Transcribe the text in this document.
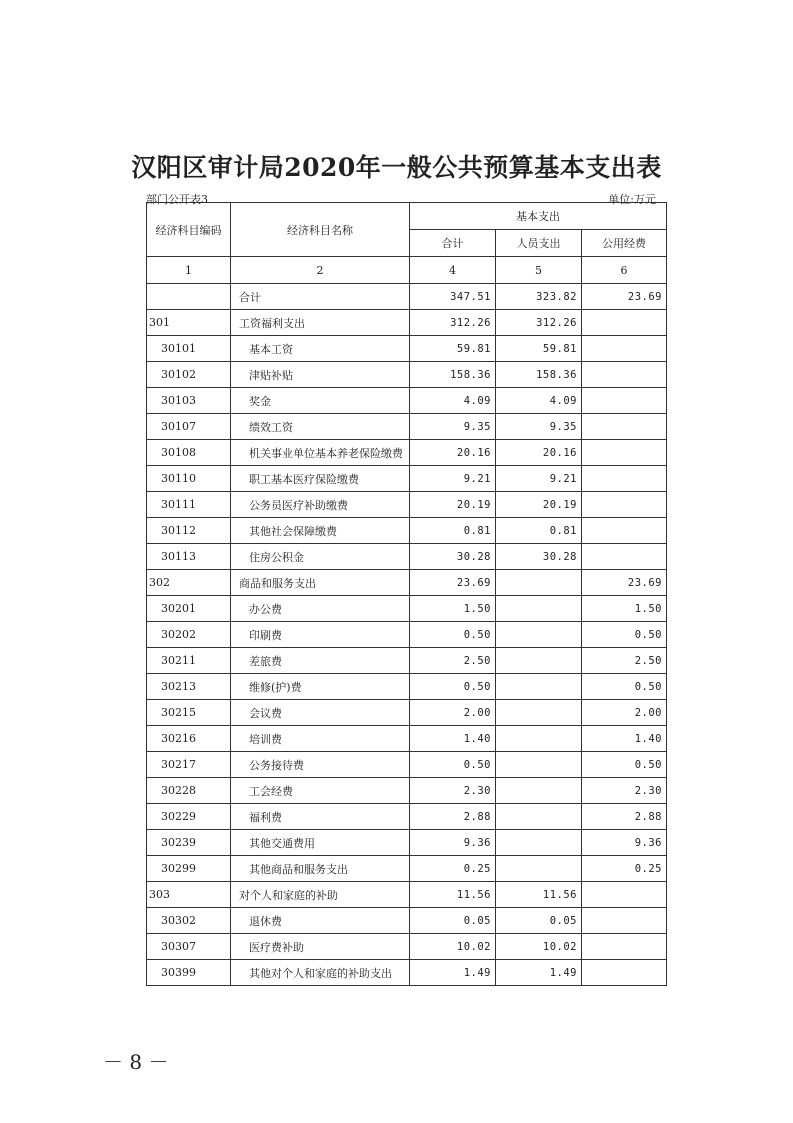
汉阳区审计局2020年一般公共预算基本支出表
部门公开表3	单位:万元
经济科目编码	经济科目名称	基本支出		
		合计	人员支出	公用经费
1	2	4	5	6
	合计	347.51	323.82	23.69
301	工资福利支出	312.26	312.26	
30101	基本工资	59.81	59.81	
30102	津贴补贴	158.36	158.36	
30103	奖金	4.09	4.09	
30107	绩效工资	9.35	9.35	
30108	机关事业单位基本养老保险缴费	20.16	20.16	
30110	职工基本医疗保险缴费	9.21	9.21	
30111	公务员医疗补助缴费	20.19	20.19	
30112	其他社会保障缴费	0.81	0.81	
30113	住房公积金	30.28	30.28	
302	商品和服务支出	23.69		23.69
30201	办公费	1.50		1.50
30202	印刷费	0.50		0.50
30211	差旅费	2.50		2.50
30213	维修(护)费	0.50		0.50
30215	会议费	2.00		2.00
30216	培训费	1.40		1.40
30217	公务接待费	0.50		0.50
30228	工会经费	2.30		2.30
30229	福利费	2.88		2.88
30239	其他交通费用	9.36		9.36
30299	其他商品和服务支出	0.25		0.25
303	对个人和家庭的补助	11.56	11.56	
30302	退休费	0.05	0.05	
30307	医疗费补助	10.02	10.02	
30399	其他对个人和家庭的补助支出	1.49	1.49	
－ 8 －
